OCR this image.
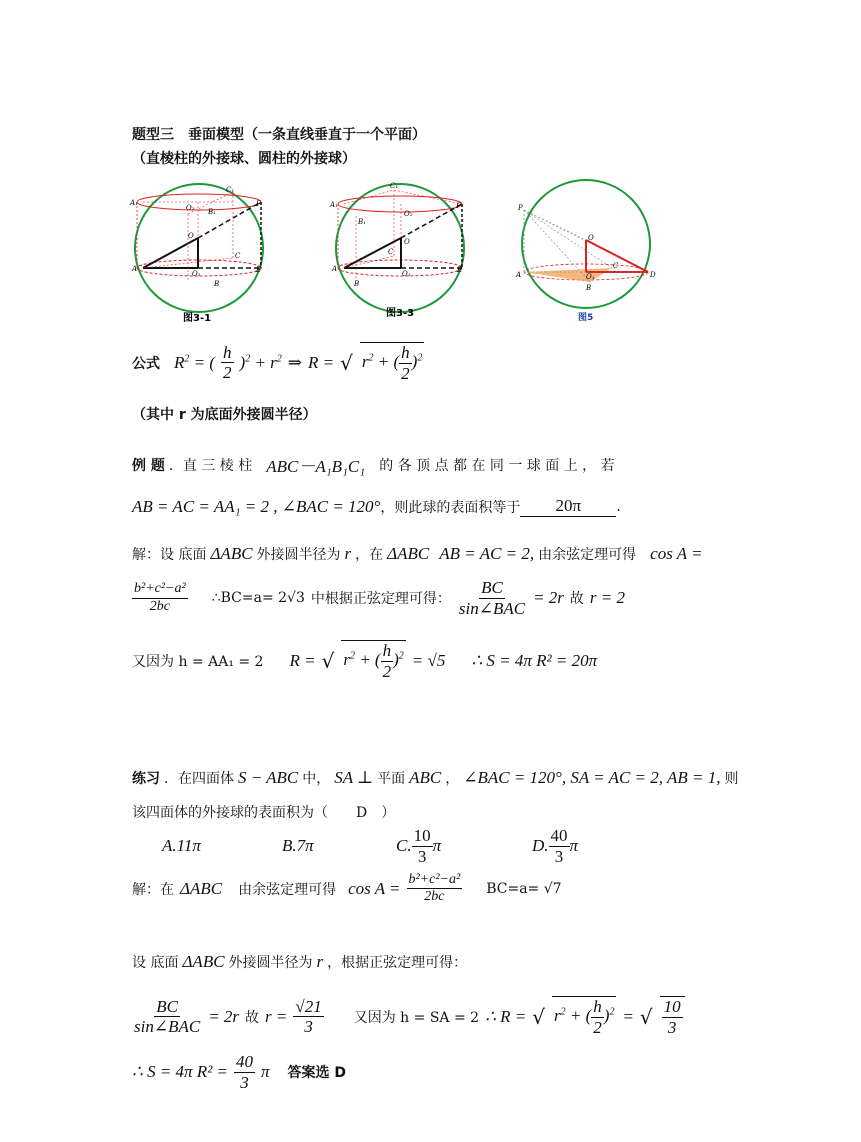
题型三　垂面模型（一条直线垂直于一个平面）
（直棱柱的外接球、圆柱的外接球）
A₁
O₂ B₁
C₁
F
O
C
A
O₁	E
B
图3-1
A₁
C₁
O₂
B₁
F
O
C
A
O₁	E
B
图3-3
P
O
A	O₁
C
D
B
图5
公式 $R^2$ = ( $\frac{h}{2} )^2 + r^2$ ⇒ R = √ $r^2$ + ( $\frac{h}{2} )^2$
（其中 r 为底面外接圆半径）
例 题 ．直 三 棱 柱 ABC－A₁B₁C₁ 的 各 顶 点 都 在 同 一 球 面 上 ， 若
AB = AC = AA₁ = 2 , ∠BAC = 120° ，则此球的表面积等于	20π	.
解：设 底面 ΔABC 外接圆半径为 r ，在 ΔABC AB = AC = 2, 由余弦定理可得 cos A =
$\frac{\text{b²+c²−a²}}{2bc}$ ∴BC=a= 2√3 中根据正弦定理可得： $\frac{BC}{\text{sin∠BAC}} = 2r$ 故 r = 2
又因为 h = AA₁ = 2 R = √ $r^2$ + ( $\frac{h}{2} )^2 = √5$ ∴ S = 4π R² = 20π
练习 ．在四面体 S − ABC 中， SA ⊥ 平面 ABC ， ∠BAC = 120°, SA = AC = 2, AB = 1, 则
该四面体的外接球的表面积为（　　D　）
A.11π	B.7π	C. $\frac{10}{3}$ π	D. $\frac{40}{3}$ π
解：在 ΔABC 由余弦定理可得 $\cos A = \frac{\text{b²+c²−a²}}{2bc} BC=a= √7$
设 底面 ΔABC 外接圆半径为 r ，根据正弦定理可得：
$\frac{BC}{\text{sin∠BAC}} = 2r$ 故 $r = \frac{√21}{3}$ 又因为 h = SA = 2 ∴ R = √ $r^2$ + ( $\frac{h}{2} )^2$ = √ $\frac{10}{3}$
∴ S = 4π $R^2 = \frac{40}{3}$ π 答案选 D
